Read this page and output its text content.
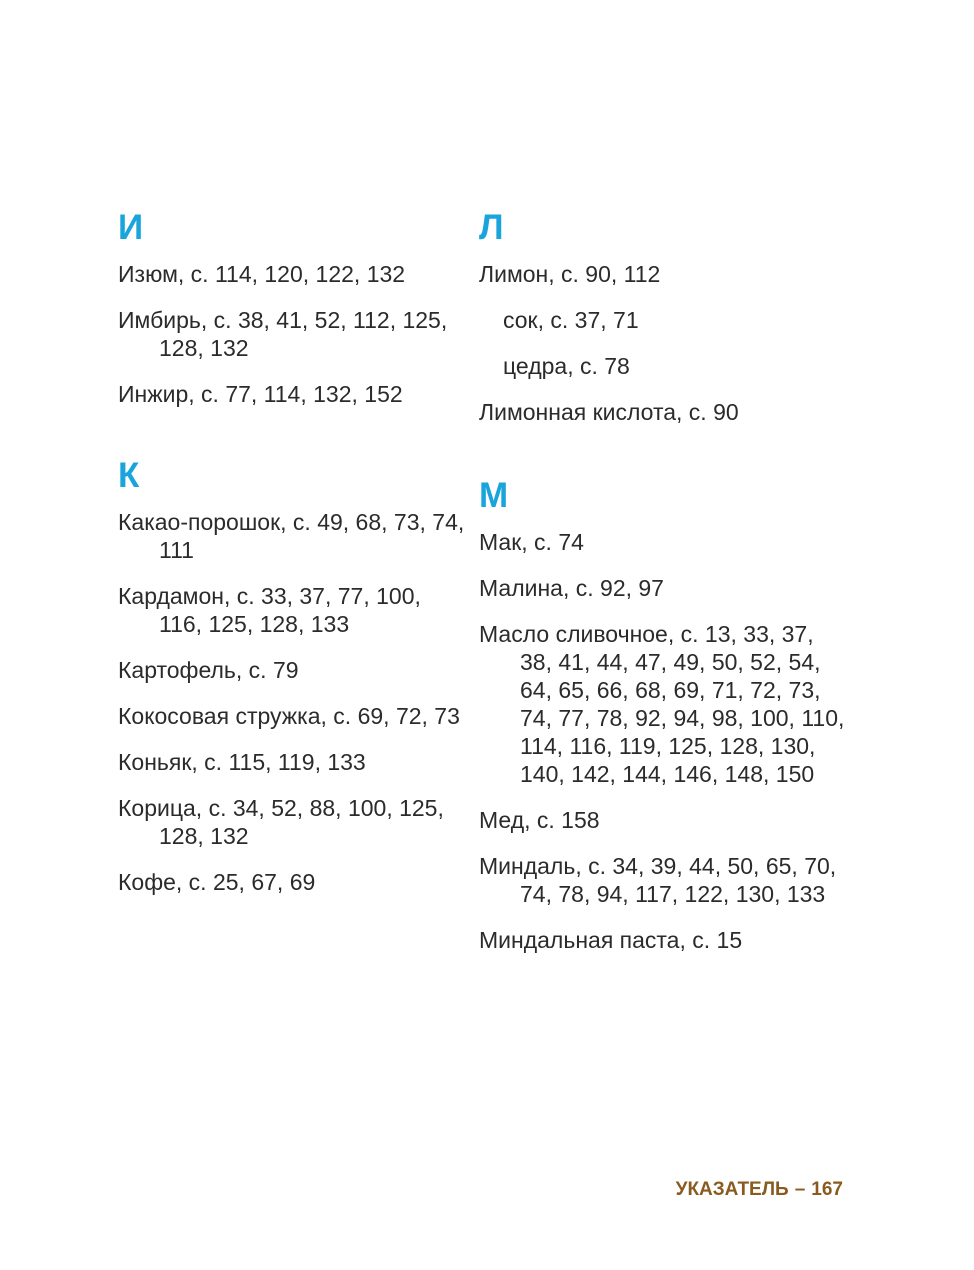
И

Изюм, с. 114, 120, 122, 132

Имбирь, с. 38, 41, 52, 112, 125, 128, 132

Инжир, с. 77, 114, 132, 152

К

Какао-порошок, с. 49, 68, 73, 74, 111

Кардамон, с. 33, 37, 77, 100, 116, 125, 128, 133

Картофель, с. 79

Кокосовая стружка, с. 69, 72, 73

Коньяк, с. 115, 119, 133

Корица, с. 34, 52, 88, 100, 125, 128, 132

Кофе, с. 25, 67, 69

Л

Лимон, с. 90, 112

сок, с. 37, 71

цедра, с. 78

Лимонная кислота, с. 90

М

Мак, с. 74

Малина, с. 92, 97

Масло сливочное, с. 13, 33, 37, 38, 41, 44, 47, 49, 50, 52, 54, 64, 65, 66, 68, 69, 71, 72, 73, 74, 77, 78, 92, 94, 98, 100, 110, 114, 116, 119, 125, 128, 130, 140, 142, 144, 146, 148, 150

Мед, с. 158

Миндаль, с. 34, 39, 44, 50, 65, 70, 74, 78, 94, 117, 122, 130, 133

Миндальная паста, с. 15

УКАЗАТЕЛЬ – 167
